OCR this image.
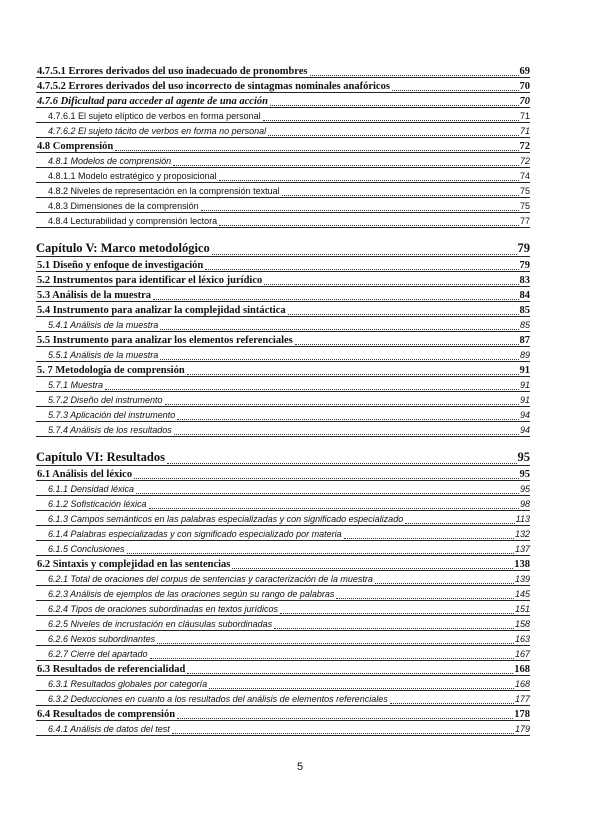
4.7.5.1 Errores derivados del uso inadecuado de pronombres	69
4.7.5.2 Errores derivados del uso incorrecto de sintagmas nominales anafóricos	70
4.7.6 Dificultad para acceder al agente de una acción	70
4.7.6.1 El sujeto elíptico de verbos en forma personal	71
4.7.6.2 El sujeto tácito de verbos en forma no personal	71
4.8 Comprensión	72
4.8.1 Modelos de comprensión	72
4.8.1.1 Modelo estratégico y proposicional	74
4.8.2 Niveles de representación en la comprensión textual	75
4.8.3 Dimensiones de la comprensión	75
4.8.4 Lecturabilidad y comprensión lectora	77
Capítulo V: Marco metodológico	79
5.1 Diseño y enfoque de investigación	79
5.2 Instrumentos para identificar el léxico jurídico	83
5.3 Análisis de la muestra	84
5.4 Instrumento para analizar la complejidad sintáctica	85
5.4.1 Análisis de la muestra	85
5.5 Instrumento para analizar los elementos referenciales	87
5.5.1 Análisis de la muestra	89
5. 7 Metodología de comprensión	91
5.7.1 Muestra	91
5.7.2 Diseño del instrumento	91
5.7.3 Aplicación del instrumento	94
5.7.4 Análisis de los resultados	94
Capítulo VI: Resultados	95
6.1 Análisis del léxico	95
6.1.1 Densidad léxica	95
6.1.2 Sofisticación léxica	98
6.1.3 Campos semánticos en las palabras especializadas y con significado especializado	113
6.1.4 Palabras especializadas y con significado especializado por materia	132
6.1.5 Conclusiones	137
6.2 Sintaxis y complejidad en las sentencias	138
6.2.1 Total de oraciones del corpus de sentencias y caracterización de la muestra	139
6.2.3 Análisis de ejemplos de las oraciones según su rango de palabras	145
6.2.4 Tipos de oraciones subordinadas en textos jurídicos	151
6.2.5 Niveles de incrustación en cláusulas subordinadas	158
6.2.6 Nexos subordinantes	163
6.2.7 Cierre del apartado	167
6.3 Resultados de referencialidad	168
6.3.1 Resultados globales por categoría	168
6.3.2 Deducciones en cuanto a los resultados del análisis de elementos referenciales	177
6.4 Resultados de comprensión	178
6.4.1 Análisis de datos del test	179
5
